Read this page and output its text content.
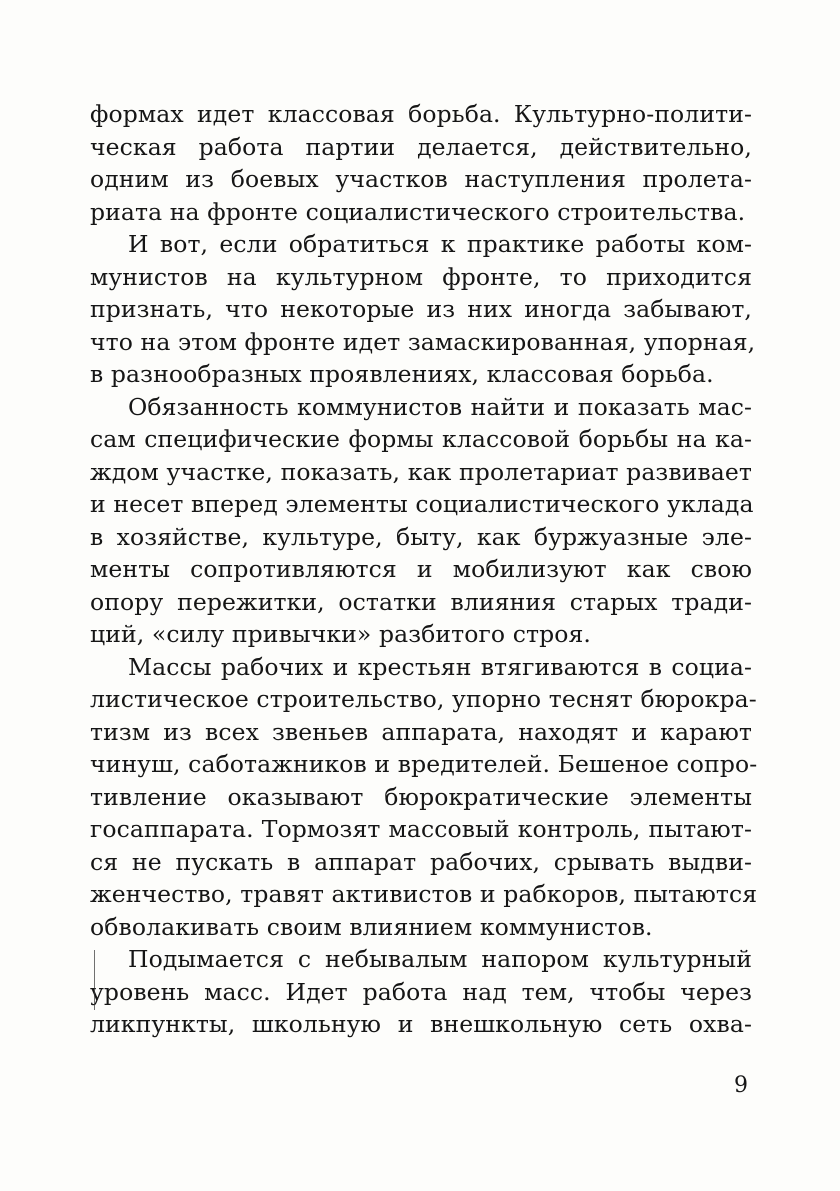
формах идет классовая борьба. Культурно-полити-
ческая работа партии делается, действительно,
одним из боевых участков наступления пролета-
риата на фронте социалистического строительства.

И вот, если обратиться к практике работы ком-
мунистов на культурном фронте, то приходится
признать, что некоторые из них иногда забывают,
что на этом фронте идет замаскированная, упорная,
в разнообразных проявлениях, классовая борьба.

Обязанность коммунистов найти и показать мас-
сам специфические формы классовой борьбы на ка-
ждом участке, показать, как пролетариат развивает
и несет вперед элементы социалистического уклада
в хозяйстве, культуре, быту, как буржуазные эле-
менты сопротивляются и мобилизуют как свою
опору пережитки, остатки влияния старых тради-
ций, «силу привычки» разбитого строя.

Массы рабочих и крестьян втягиваются в социа-
листическое строительство, упорно теснят бюрокра-
тизм из всех звеньев аппарата, находят и карают
чинуш, саботажников и вредителей. Бешеное сопро-
тивление оказывают бюрократические элементы
госаппарата. Тормозят массовый контроль, пытают-
ся не пускать в аппарат рабочих, срывать выдви-
женчество, травят активистов и рабкоров, пытаются
обволакивать своим влиянием коммунистов.

Подымается с небывалым напором культурный
уровень масс. Идет работа над тем, чтобы через
ликпункты, школьную и внешкольную сеть охва-

9
